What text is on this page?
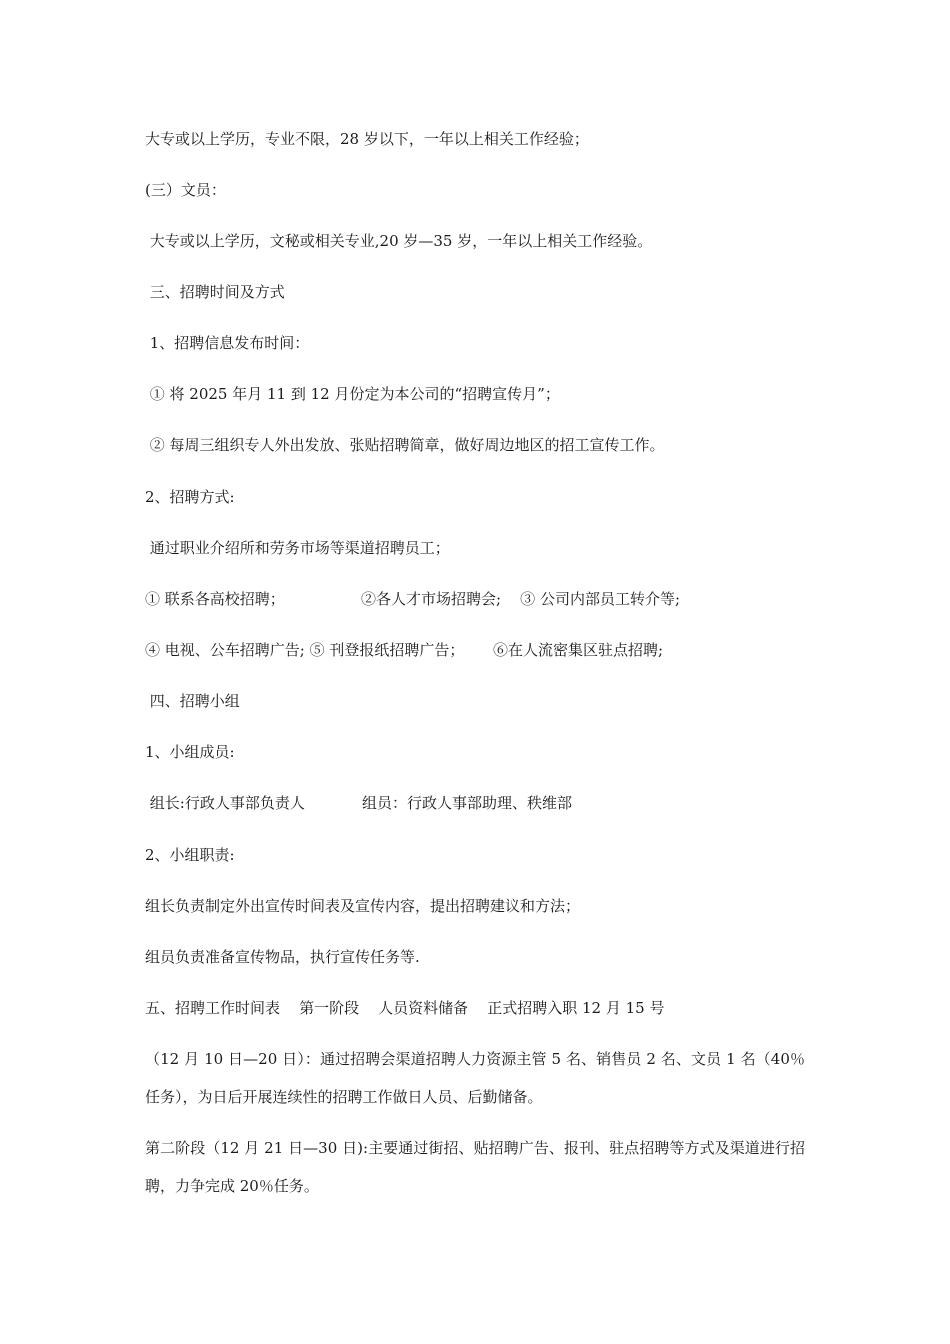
大专或以上学历，专业不限，28 岁以下，一年以上相关工作经验；
(三）文员：
大专或以上学历，文秘或相关专业,20 岁—35 岁，一年以上相关工作经验。
三、招聘时间及方式
1、招聘信息发布时间：
① 将 2025 年月 11 到 12 月份定为本公司的“招聘宣传月”；
② 每周三组织专人外出发放、张贴招聘简章，做好周边地区的招工宣传工作。
2、招聘方式:
通过职业介绍所和劳务市场等渠道招聘员工；
① 联系各高校招聘；                ②各人才市场招聘会;    ③ 公司内部员工转介等;
④ 电视、公车招聘广告; ⑤ 刊登报纸招聘广告；      ⑥在人流密集区驻点招聘;
四、招聘小组
1、小组成员:
组长:行政人事部负责人            组员：行政人事部助理、秩维部
2、小组职责:
组长负责制定外出宣传时间表及宣传内容，提出招聘建议和方法；
组员负责准备宣传物品，执行宣传任务等.
五、招聘工作时间表    第一阶段    人员资料储备    正式招聘入职 12 月 15 号
（12 月 10 日—20 日）：通过招聘会渠道招聘人力资源主管 5 名、销售员 2 名、文员 1 名（40％任务），为日后开展连续性的招聘工作做日人员、后勤储备。
第二阶段（12 月 21 日—30 日):主要通过街招、贴招聘广告、报刊、驻点招聘等方式及渠道进行招聘，力争完成 20％任务。
